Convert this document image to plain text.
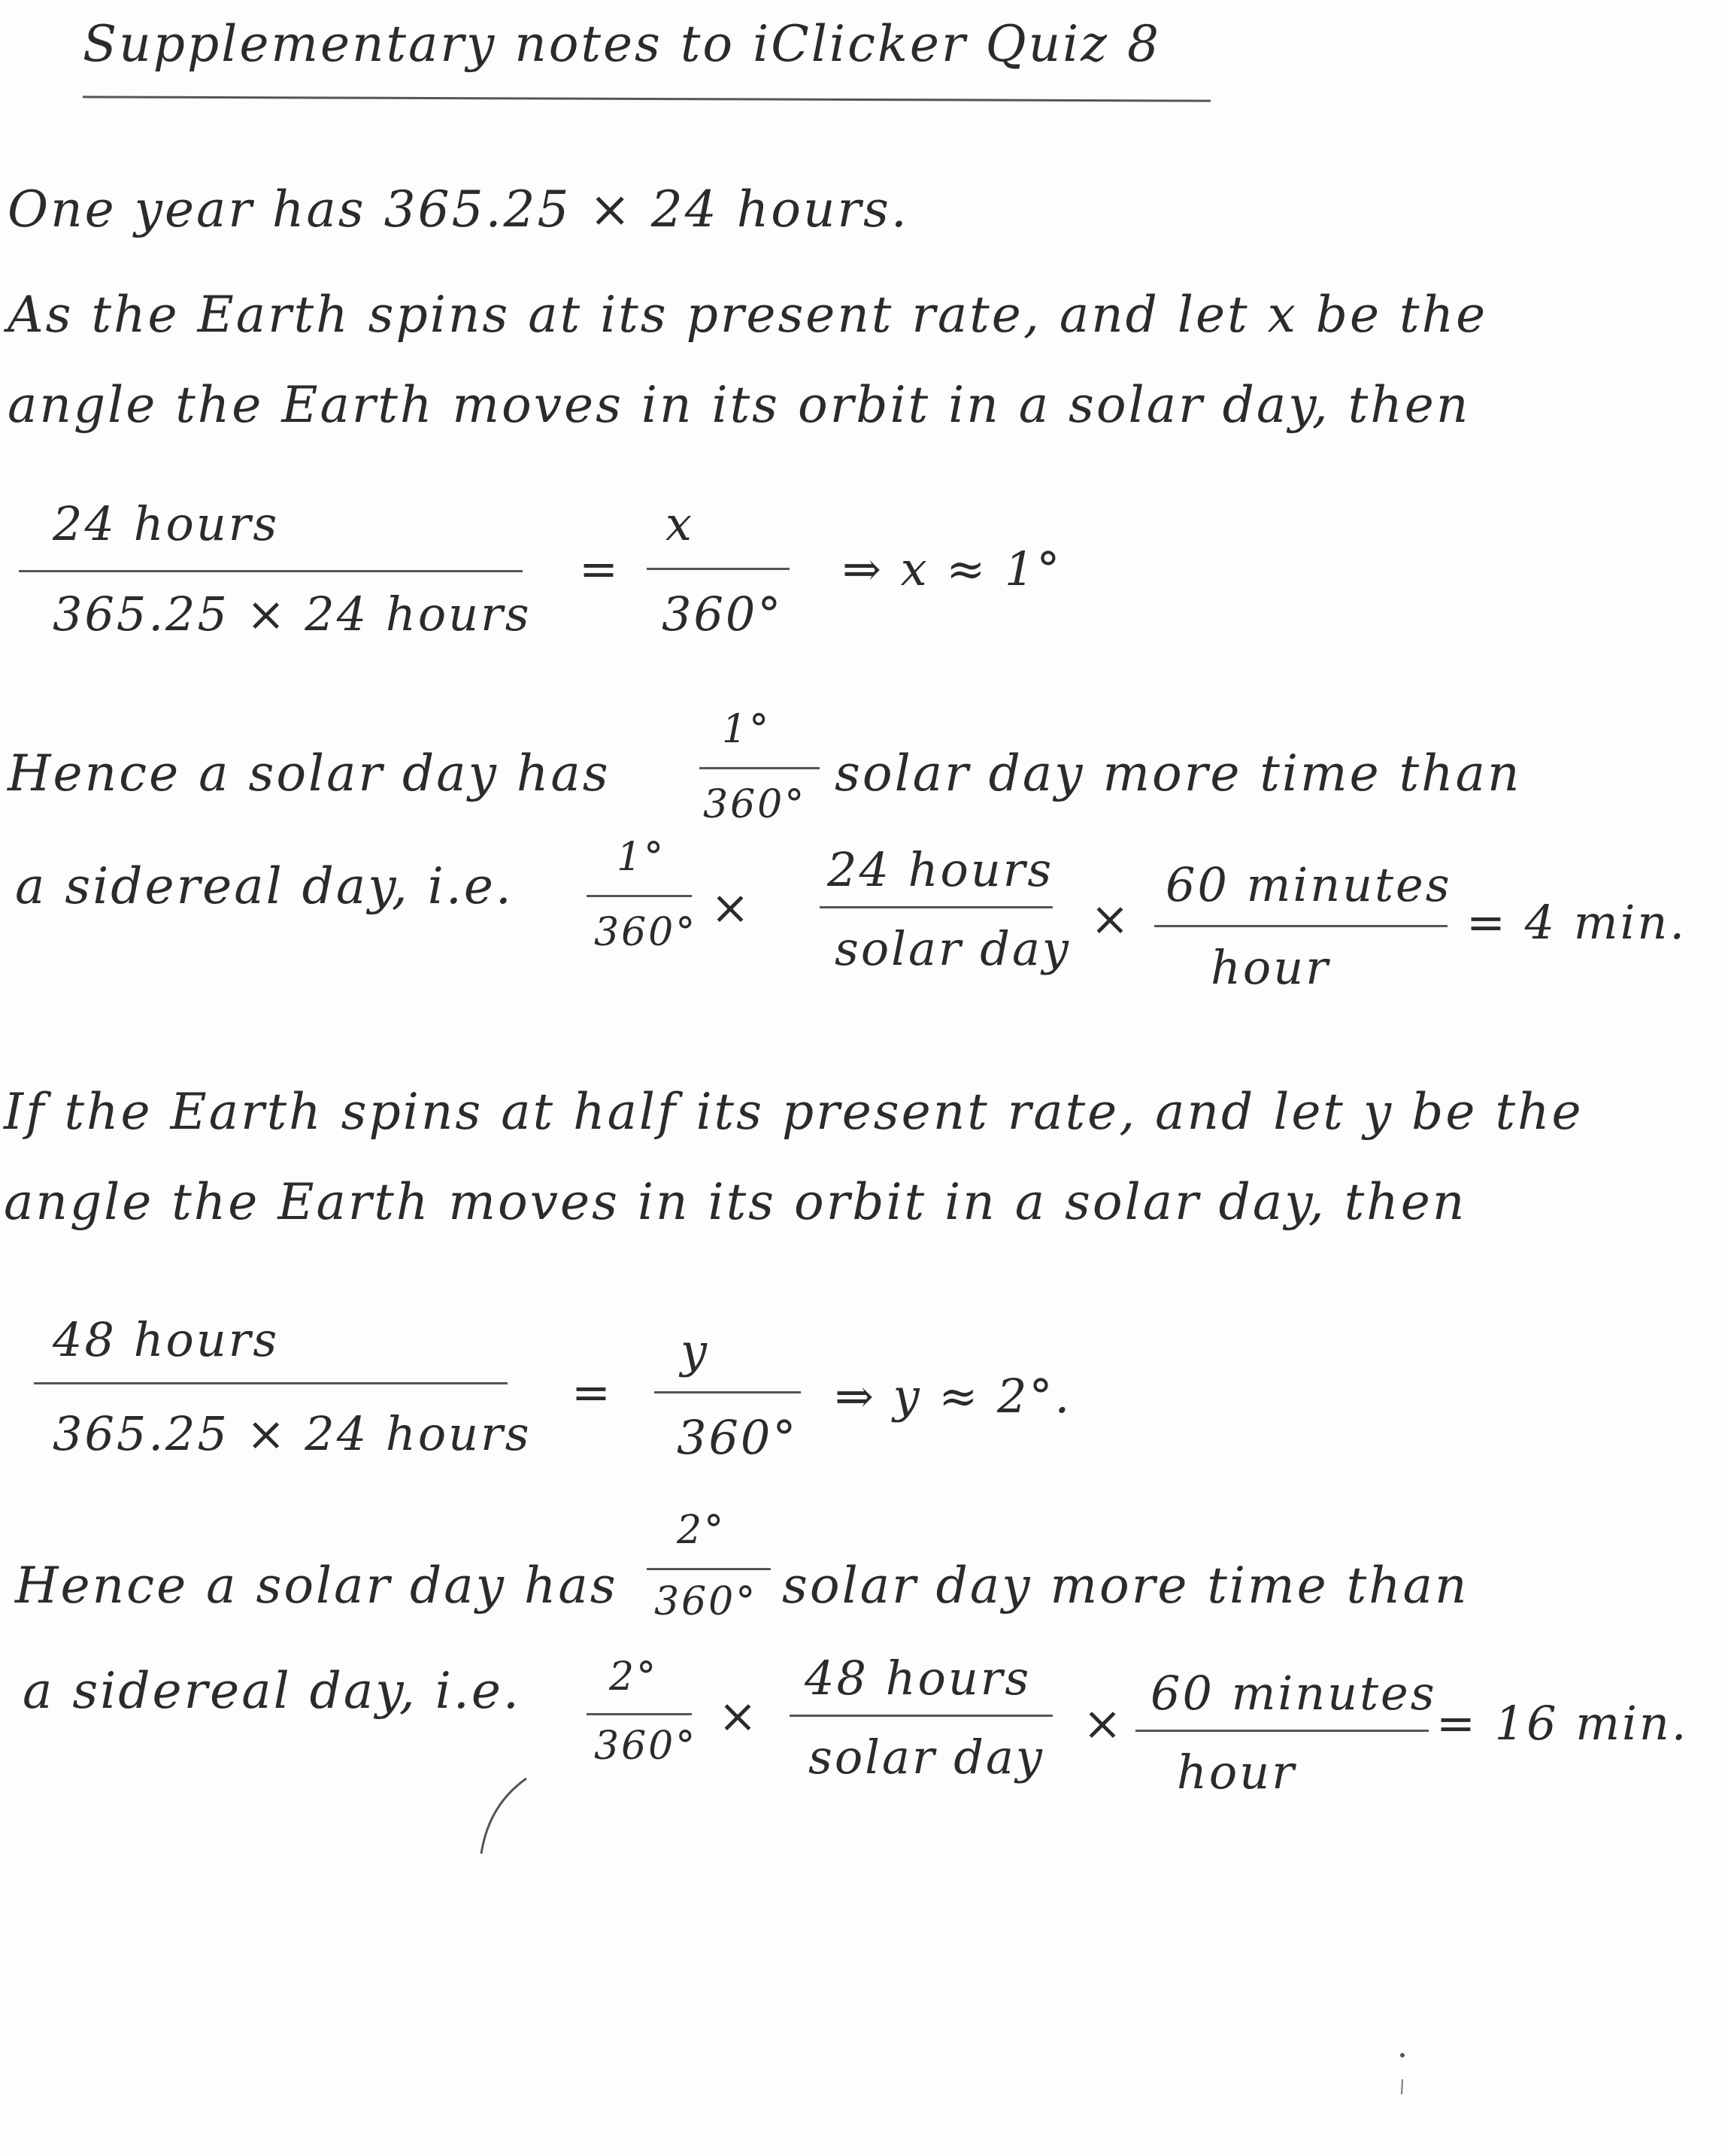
Supplementary notes to iClicker Quiz 8
One year has 365.25 × 24 hours.
As the Earth spins at its present rate, and let x be the
angle the Earth moves in its orbit in a solar day, then
24 hours
365.25 × 24 hours
=
x
360°
⇒ x ≈ 1°
Hence a solar day has
1°
360°
solar day more time than
a sidereal day, i.e.	1°
360° ×
24 hours
solar day
×
60 minutes
hour
= 4 min.
If the Earth spins at half its present rate, and let y be the
angle the Earth moves in its orbit in a solar day, then
48 hours
365.25 × 24 hours
=
y
360°
⇒ y ≈ 2°.
Hence a solar day has
2°
360° solar day more time than
a sidereal day, i.e. 2°
360°
×
48 hours
solar day
×
60 minutes
hour
= 16 min.
